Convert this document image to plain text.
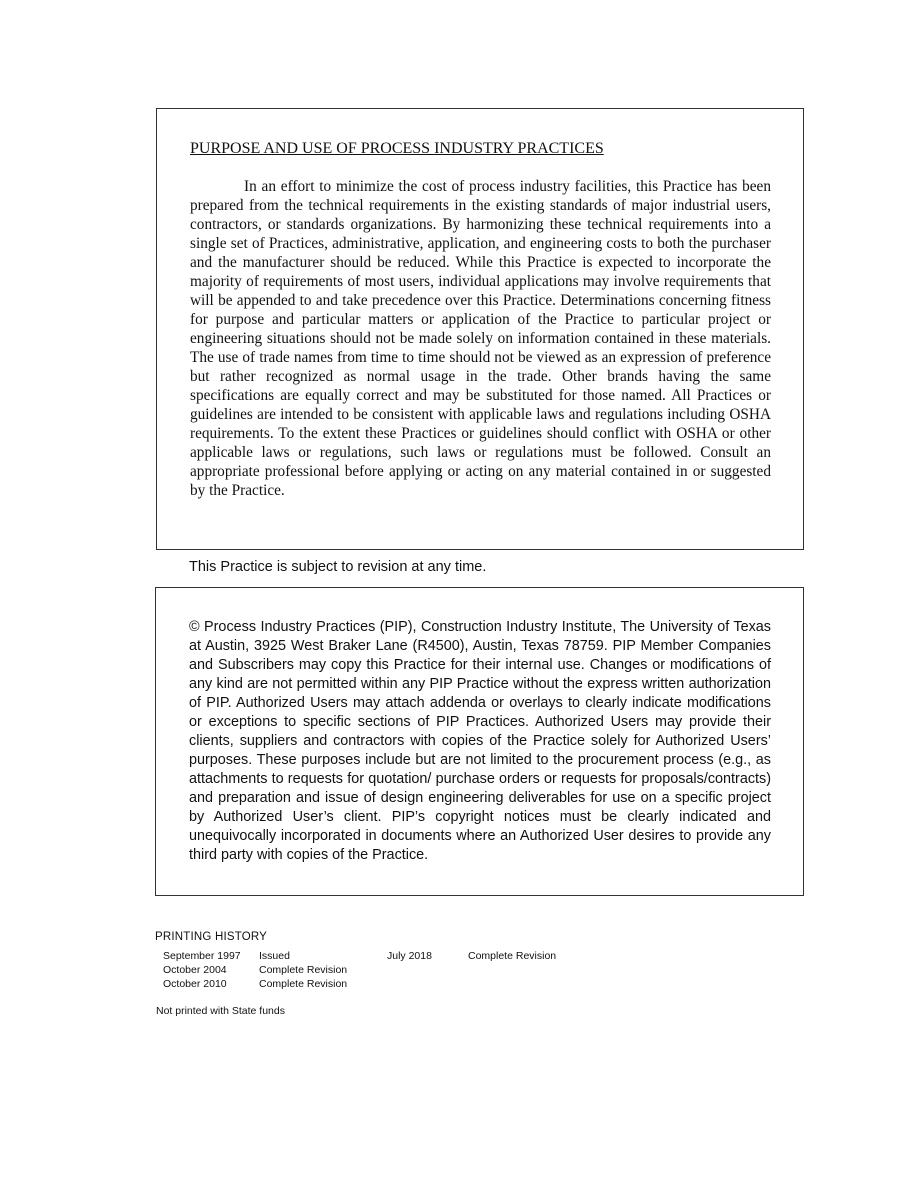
PURPOSE AND USE OF PROCESS INDUSTRY PRACTICES

In an effort to minimize the cost of process industry facilities, this Practice has been prepared from the technical requirements in the existing standards of major industrial users, contractors, or standards organizations. By harmonizing these technical requirements into a single set of Practices, administrative, application, and engineering costs to both the purchaser and the manufacturer should be reduced. While this Practice is expected to incorporate the majority of requirements of most users, individual applications may involve requirements that will be appended to and take precedence over this Practice. Determinations concerning fitness for purpose and particular matters or application of the Practice to particular project or engineering situations should not be made solely on information contained in these materials. The use of trade names from time to time should not be viewed as an expression of preference but rather recognized as normal usage in the trade. Other brands having the same specifications are equally correct and may be substituted for those named. All Practices or guidelines are intended to be consistent with applicable laws and regulations including OSHA requirements. To the extent these Practices or guidelines should conflict with OSHA or other applicable laws or regulations, such laws or regulations must be followed. Consult an appropriate professional before applying or acting on any material contained in or suggested by the Practice.

This Practice is subject to revision at any time.

© Process Industry Practices (PIP), Construction Industry Institute, The University of Texas at Austin, 3925 West Braker Lane (R4500), Austin, Texas 78759. PIP Member Companies and Subscribers may copy this Practice for their internal use. Changes or modifications of any kind are not permitted within any PIP Practice without the express written authorization of PIP. Authorized Users may attach addenda or overlays to clearly indicate modifications or exceptions to specific sections of PIP Practices. Authorized Users may provide their clients, suppliers and contractors with copies of the Practice solely for Authorized Users’ purposes. These purposes include but are not limited to the procurement process (e.g., as attachments to requests for quotation/ purchase orders or requests for proposals/contracts) and preparation and issue of design engineering deliverables for use on a specific project by Authorized User’s client. PIP’s copyright notices must be clearly indicated and unequivocally incorporated in documents where an Authorized User desires to provide any third party with copies of the Practice.

PRINTING HISTORY

September 1997	Issued	July 2018	Complete Revision
October 2004	Complete Revision		
October 2010	Complete Revision		

Not printed with State funds
